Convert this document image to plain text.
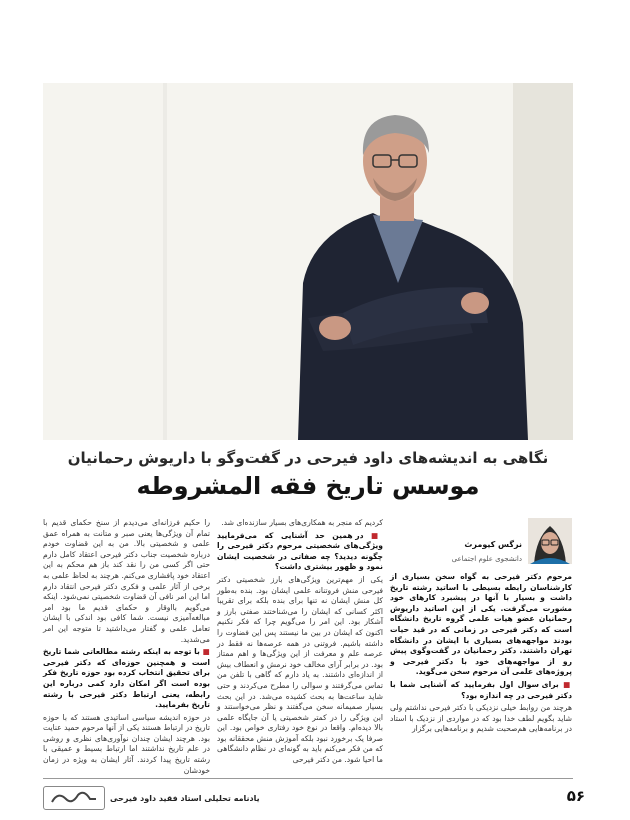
نگاهی به اندیشه‌های داود فیرحی در گفت‌وگو با داریوش رحمانیان
موسس تاریخ فقه المشروطه
نرگس کیومرث
دانشجوی علوم اجتماعی

مرحوم دکتر فیرحی به گواه سخن بسیاری از کارشناسان رابطه بسیطی با اساتید رشته تاریخ داشت و بسیار با آنها در پیشبرد کارهای خود مشورت می‌گرفت. یکی از این اساتید داریوش رحمانیان عضو هیات علمی گروه تاریخ دانشگاه است که دکتر فیرحی در زمانی که در قید حیات بودند مواجهه‌های بسیاری با ایشان در دانشگاه تهران داشتند. دکتر رحمانیان در گفت‌وگوی پیش رو از مواجهه‌های خود با دکتر فیرحی و پروژه‌های علمی آن مرحوم سخن می‌گوید.

■ برای سوال اول بفرمایید که آشنایی شما با دکتر فیرحی در چه اندازه بود؟

هرچند من روابط خیلی نزدیکی با دکتر فیرحی نداشتم ولی شاید بگویم لطف خدا بود که در مواردی از نزدیک با استاد در برنامه‌هایی هم‌صحبت شدیم و برنامه‌هایی برگزار

کردیم که منجر به همکاری‌های بسیار سازنده‌ای شد.

■ در همین حد آشنایی که می‌فرمایید ویژگی‌های شخصیتی مرحوم دکتر فیرحی را چگونه دیدید؟ چه صفاتی در شخصیت ایشان نمود و ظهور بیشتری داشت؟

یکی از مهم‌ترین ویژگی‌های بارز شخصیتی دکتر فیرحی منش فروتنانه علمی ایشان بود. بنده به‌طور کل منش ایشان نه تنها برای بنده بلکه برای تقریبا اکثر کسانی که ایشان را می‌شناختند صفتی بارز و آشکار بود. این امر را می‌گویم چرا که فکر نکنیم اکنون که ایشان در بین ما نیستند پس این فضاوت را داشته باشیم. فروتنی در همه عرصه‌ها نه فقط در عرصه علم و معرفت از این ویژگی‌ها و اهم ممتاز بود. در برابر آرای مخالف خود نرمش و انعطاف بیش از اندازه‌ای داشتند. به یاد دارم که گاهی با تلفن من تماس می‌گرفتند و سوالی را مطرح می‌کردند و حتی شاید ساعت‌ها به بحث کشیده می‌شد. در این بحث بسیار صمیمانه سخن می‌گفتند و نظر می‌خواستند و این ویژگی را در کمتر شخصیتی یا آن جایگاه علمی بالا دیده‌ام. واقعا در نوع خود رفتاری خواص بود. این صرفا یک برخورد نبود بلکه آموزش منش محققانه بود که من فکر می‌کنم باید به گونه‌ای در نظام دانشگاهی ما احیا شود. من دکتر فیرحی

را حکیم فرزانه‌ای می‌دیدم از سنخ حکمای قدیم با تمام آن ویژگی‌ها یعنی صبر و متانت به همراه عمق علمی و شخصیتی بالا. من به این قضاوت خودم درباره شخصیت جناب دکتر فیرحی اعتقاد کامل دارم حتی اگر کسی من را نقد کند باز هم محکم به این اعتقاد خود پافشاری می‌کنم. هرچند به لحاظ علمی به برخی از آثار علمی و فکری دکتر فیرحی انتقاد دارم اما این امر نافی آن قضاوت شخصیتی نمی‌شود. اینکه می‌گویم بااوقار و حکمای قدیم ما بود امر مبالغه‌آمیزی نیست. شما کافی بود اندکی با ایشان تعامل علمی و گفتار می‌داشتید تا متوجه این امر می‌شدید.

■ با توجه به اینکه رشته مطالعاتی شما تاریخ است و همچنین حوزه‌ای که دکتر فیرحی برای تحقیق انتخاب کرده بود حوزه تاریخ فکر بوده است اگر امکان دارد کمی درباره این رابطه، یعنی ارتباط دکتر فیرحی با رشته تاریخ بفرمایید.

در حوزه اندیشه سیاسی اساتیدی هستند که با حوزه تاریخ در ارتباط هستند یکی از آنها مرحوم حمید عنایت بود. هرچند ایشان چندان نوآوری‌های نظری و روشی در علم تاریخ نداشتند اما ارتباط بسیط و عمیقی با رشته تاریخ پیدا کردند. آثار ایشان به ویژه در زمان خودشان

۵۶
یادنامه تحلیلی استاد فقید داود فیرحی
